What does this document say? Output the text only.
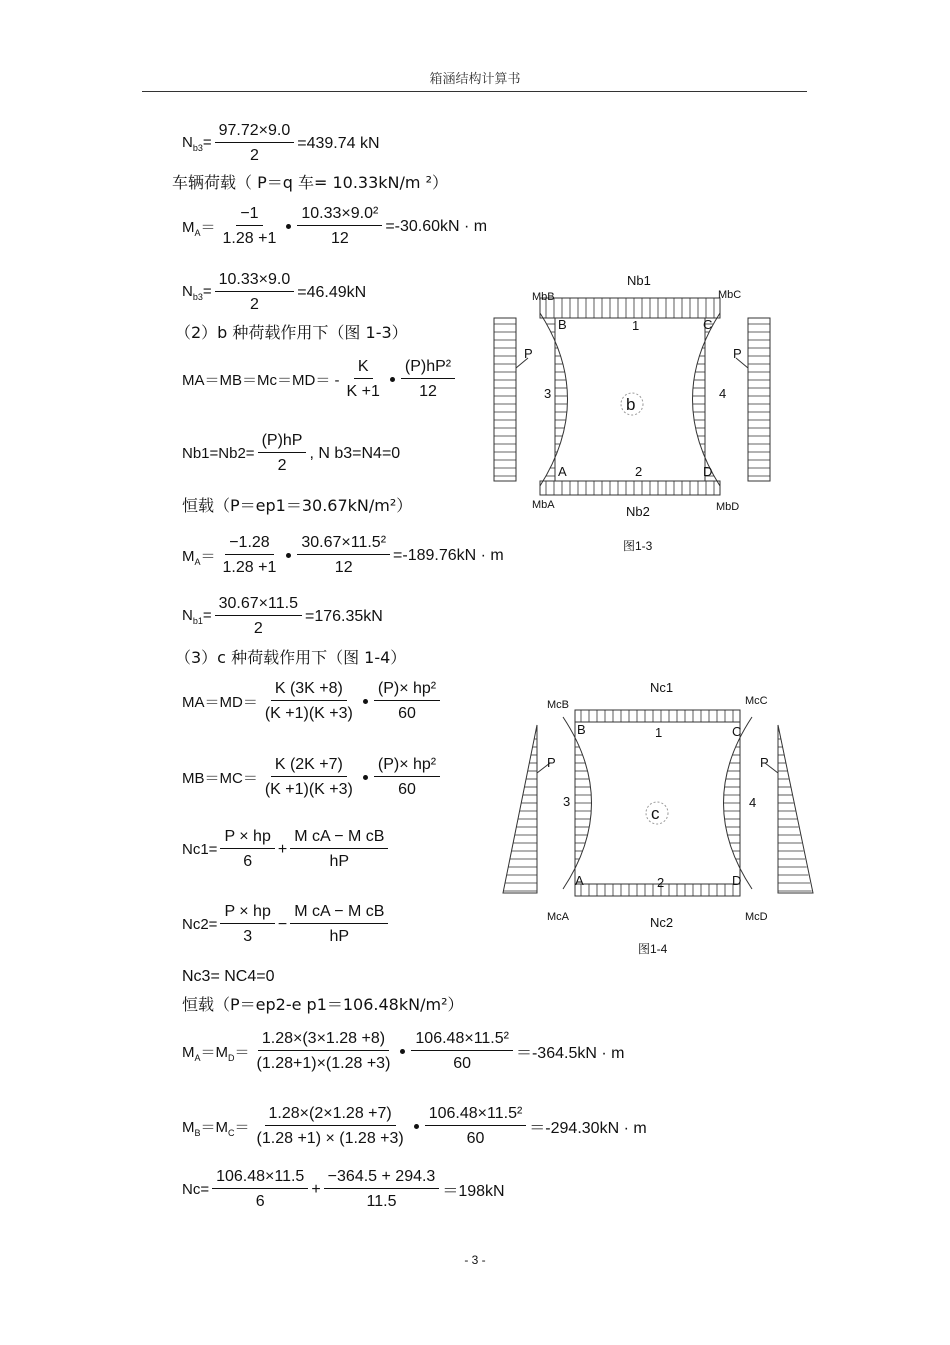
箱涵结构计算书
$N_{b3}= \frac{97.72\times 9.0}{2} =439.74$ kN
车辆荷载（ P＝q 车= 10.33kN/m ²）
$M_A= \frac{-1}{1.28 +1} \frac{\text{10.33×9.0²}}{12} =-30.60kN \cdot m$
$N_{b3}= \frac{10.33\times 9.0}{2} =46.49kN$
（2）b 种荷载作用下（图 1-3）
$MA=MB=Mc=MD= - \frac{K}{K +1} \frac{\text{(P)hP²}}{12}$
$Nb1=Nb2= \frac{(P)hP}{2}$ , N b3=N4=0
恒载（P＝ep1＝30.67kN/m²）
$M_A= \frac{-1.28}{1.28 +1} \frac{\text{30.67×11.5²}}{12} =-189.76kN \cdot m$
$N_{b1}= \frac{30.67\times 11.5}{2} =176.35kN$
（3）c 种荷载作用下（图 1-4）
$MA=MD= \frac{K (3K +8)}{(K +1)(K +3)} \frac{\text{(P)× hp²}}{60}$
$MB=MC= \frac{K (2K +7)}{(K +1)(K +3)} \frac{\text{(P)× hp²}}{60}$
$Nc1= \frac{P \times hp}{6} + \frac{\text{M cA − M cB}}{hP}$
$Nc2= \frac{P \times hp}{3} - \frac{\text{M cA − M cB}}{hP}$
Nc3= NC4=0
恒载（P＝ep2-e p1＝106.48kN/m²）
$M_A=M_D= \frac{1.28\times(3\times 1.28 +8)}{(1.28+1)\times(1.28 +3)} \frac{\text{106.48×11.5²}}{60} =-364.5kN \cdot m$
$M_B=M_C= \frac{1.28\times(2\times 1.28 +7)}{(1.28 +1) \times (1.28 +3)} \frac{\text{106.48×11.5²}}{60} =-294.30kN \cdot m$
$Nc= \frac{106.48\times 11.5}{6} + \frac{-364.5 + 294.3}{11.5} =198kN$
Nb1
MbB	MbC
B	C
A	D
1
2
3	4
P	P
b
MbA	MbD
Nb2
图1-3
Nc1
McB	McC
B	C
A	D
1
2
3	4
P	P
c
McA	McD
Nc2
图1-4
- 3 -
